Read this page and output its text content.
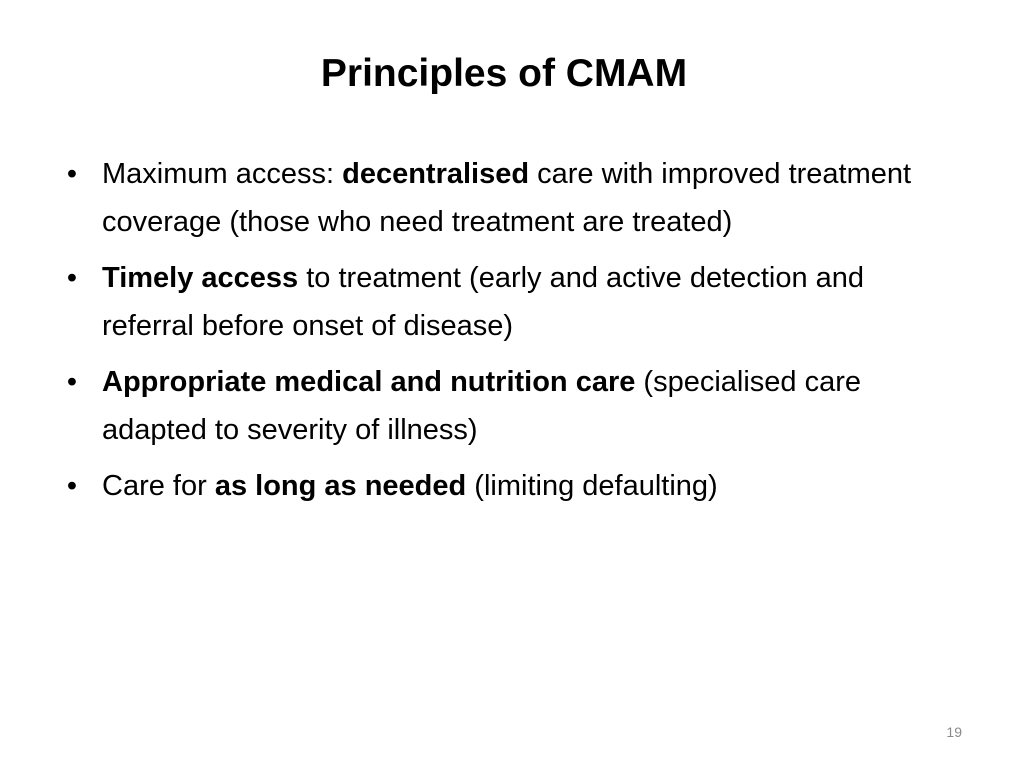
Principles of CMAM
• Maximum access: decentralised care with improved treatment coverage (those who need treatment are treated)
• Timely access to treatment (early and active detection and referral before onset of disease)
• Appropriate medical and nutrition care (specialised care adapted to severity of illness)
• Care for as long as needed (limiting defaulting)
19
